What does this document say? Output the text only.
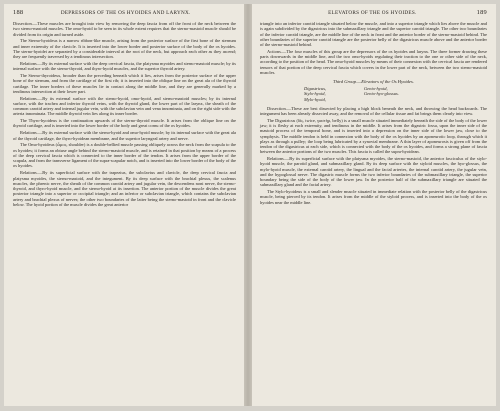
188	DEPRESSORS OF THE OS HYOIDES AND LARYNX.

Dissection.—These muscles are brought into view by removing the deep fascia from off the front of the neck between the two sterno-mastoid muscles. The omo-hyoid to be seen in its whole extent requires that the sterno-mastoid muscle should be divided from its origin and turned aside.

The Sterno-hyoideus is a narrow ribbon-like muscle, arising from the posterior surface of the first bone of the sternum and inner extremity of the clavicle. It is inserted into the lower border and posterior surface of the body of the os hyoides. The sterno-hyoidei are separated by a considerable interval at the root of the neck, but approach each other as they ascend; they are frequently traversed by a tendinous intersection.

Relations.—By its external surface with the deep cervical fascia, the platysma myoides and sterno-mastoid muscle; by its internal surface with the sterno-thyroid, and thyro-hyoid muscles, and the superior thyroid artery.

The Sterno-thyroideus, broader than the preceding beneath which it lies, arises from the posterior surface of the upper bone of the sternum, and from the cartilage of the first rib; it is inserted into the oblique line on the great ala of the thyroid cartilage. The inner borders of these muscles lie in contact along the middle line, and they are generally marked by a tendinous intersection at their lower part.

Relations.—By its external surface with the sterno-hyoid, omo-hyoid, and sterno-mastoid muscles; by its internal surface, with the trachea and inferior thyroid veins, with the thyroid gland, the lower part of the larynx, the sheath of the common carotid artery and internal jugular vein, with the subclavian vein and vena innominata, and on the right side with the arteria innominata. The middle thyroid vein lies along its inner border.

The Thyro-hyoideus is the continuation upwards of the sterno-thyroid muscle. It arises from the oblique line on the thyroid cartilage, and is inserted into the lower border of the body and great cornu of the os hyoides.

Relations.—By its external surface with the sterno-hyoid and omo-hyoid muscle; by its internal surface with the great ala of the thyroid cartilage, the thyro-hyoidean membrane, and the superior laryngeal artery and nerve.

The Omo-hyoideus (ὦμος, shoulder) is a double-bellied muscle passing obliquely across the neck from the scapula to the os hyoides; it forms an obtuse angle behind the sterno-mastoid muscle, and is retained in that position by means of a process of the deep cervical fascia which is connected to the inner border of the tendon. It arises from the upper border of the scapula, and from the transverse ligament of the supra-scapular notch, and is inserted into the lower border of the body of the os hyoides.

Relations.—By its superficial surface with the trapezius, the subclavius and clavicle, the deep cervical fascia and platysma myoides, the sterno-mastoid, and the integument. By its deep surface with the brachial plexus, the scalenus muscles, the phrenic nerve, the sheath of the common carotid artery and jugular vein, the descendens noni nerve, the sterno-thyroid, and thyro-hyoid muscle, and the sterno-hyoid at its insertion. The anterior portion of the muscle divides the great posterior triangle into a superior or occipital triangle; and an inferior or subclavian triangle, which contains the subclavian artery and brachial plexus of nerves; the other two boundaries of the latter being the sterno-mastoid in front and the clavicle below. The hyoid portion of the muscle divides the great anterior

ELEVATORS OF THE OS HYOIDES.	189

triangle into an inferior carotid triangle situated below the muscle, and into a superior triangle which lies above the muscle and is again subdivided by the digastricus into the submaxillary triangle and the superior carotid triangle. The other two boundaries of the inferior carotid triangle, are the middle line of the neck in front and the anterior border of the sterno-mastoid behind. The other boundaries of the superior carotid triangle are the posterior belly of the digastricus muscle above and the anterior border of the sterno-mastoid behind.

Actions.—The four muscles of this group are the depressors of the os hyoides and larynx. The three former drawing these parts downwards in the middle line, and the two omo-hyoids regulating their traction to the one or other side of the neck, according to the position of the head. The omo-hyoid muscles by means of their connexion with the cervical fascia are rendered tensors of that portion of the deep cervical fascia which covers in the lower part of the neck, between the two sterno-mastoid muscles.

Third Group.—Elevators of the Os Hyoides.
Digastricus,	Genio-hyoid,
Stylo-hyoid,	Genio-hyo-glossus.
Mylo-hyoid,

Dissection.—These are best dissected by placing a high block beneath the neck, and throwing the head backwards. The integument has been already dissected away, and the removal of the cellular tissue and fat brings them clearly into view.

The Digastricus (δὶς, twice, γαστὴρ, belly) is a small muscle situated immediately beneath the side of the body of the lower jaw; it is fleshy at each extremity, and tendinous in the middle. It arises from the digastric fossa, upon the inner side of the mastoid process of the temporal bone, and is inserted into a depression on the inner side of the lower jaw, close to the symphysis. The middle tendon is held in connexion with the body of the os hyoides by an aponeurotic loop, through which it plays as through a pulley; the loop being lubricated by a synovial membrane. A thin layer of aponeurosis is given off from the tendon of the digastricus at each side, which is connected with the body of the os hyoides, and forms a strong plane of fascia between the anterior portions of the two muscles. This fascia is called the supra-hyoidean.

Relations.—By its superficial surface with the platysma myoides, the sterno-mastoid, the anterior fasciculus of the stylo-hyoid muscle, the parotid gland, and submaxillary gland. By its deep surface with the styloid muscles, the hyo-glossus, the mylo-hyoid muscle, the external carotid artery, the lingual and the facial arteries, the internal carotid artery, the jugular vein, and the hypoglossal nerve. The digastric muscle forms the two inferior boundaries of the submaxillary triangle, the superior boundary being the side of the body of the lower jaw. In the posterior half of the submaxillary triangle are situated the submaxillary gland and the facial artery.

The Stylo-hyoideus is a small and slender muscle situated in immediate relation with the posterior belly of the digastricus muscle, being pierced by its tendon. It arises from the middle of the styloid process, and is inserted into the body of the os hyoides near the middle line.
